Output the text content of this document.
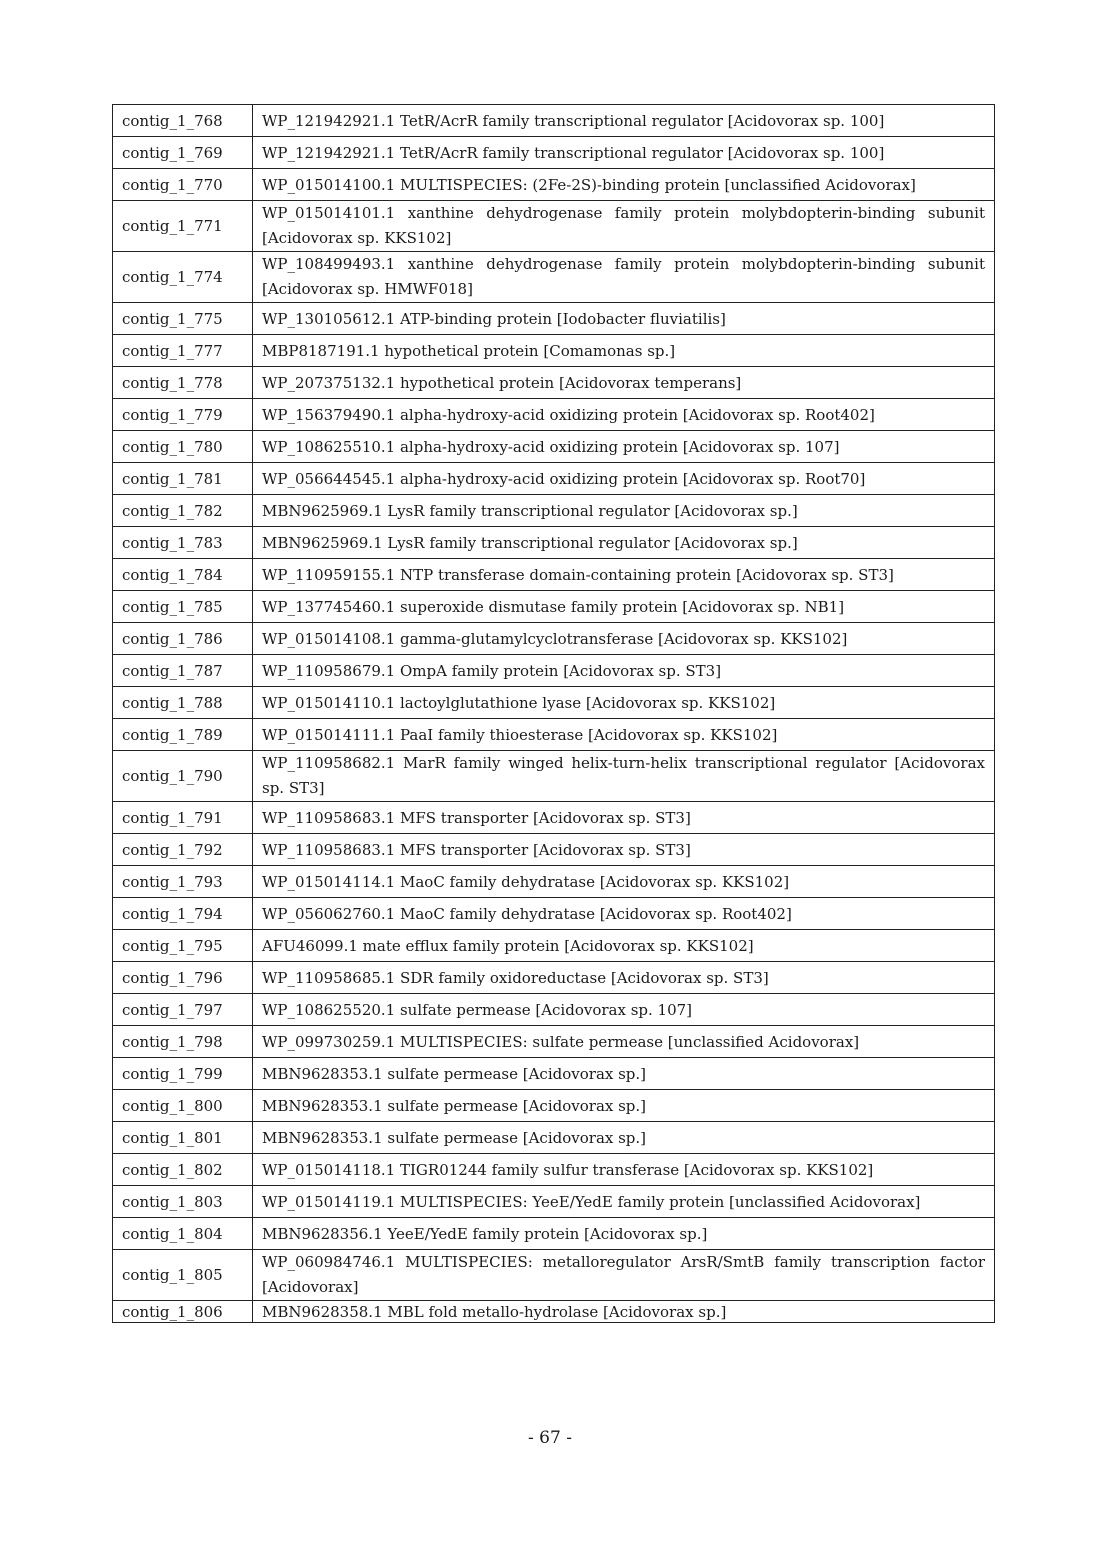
contig_1_768	WP_121942921.1 TetR/AcrR family transcriptional regulator [Acidovorax sp. 100]
contig_1_769	WP_121942921.1 TetR/AcrR family transcriptional regulator [Acidovorax sp. 100]
contig_1_770	WP_015014100.1 MULTISPECIES: (2Fe-2S)-binding protein [unclassified Acidovorax]
contig_1_771	WP_015014101.1 xanthine dehydrogenase family protein molybdopterin-binding subunit [Acidovorax sp. KKS102]
contig_1_774	WP_108499493.1 xanthine dehydrogenase family protein molybdopterin-binding subunit [Acidovorax sp. HMWF018]
contig_1_775	WP_130105612.1 ATP-binding protein [Iodobacter fluviatilis]
contig_1_777	MBP8187191.1 hypothetical protein [Comamonas sp.]
contig_1_778	WP_207375132.1 hypothetical protein [Acidovorax temperans]
contig_1_779	WP_156379490.1 alpha-hydroxy-acid oxidizing protein [Acidovorax sp. Root402]
contig_1_780	WP_108625510.1 alpha-hydroxy-acid oxidizing protein [Acidovorax sp. 107]
contig_1_781	WP_056644545.1 alpha-hydroxy-acid oxidizing protein [Acidovorax sp. Root70]
contig_1_782	MBN9625969.1 LysR family transcriptional regulator [Acidovorax sp.]
contig_1_783	MBN9625969.1 LysR family transcriptional regulator [Acidovorax sp.]
contig_1_784	WP_110959155.1 NTP transferase domain-containing protein [Acidovorax sp. ST3]
contig_1_785	WP_137745460.1 superoxide dismutase family protein [Acidovorax sp. NB1]
contig_1_786	WP_015014108.1 gamma-glutamylcyclotransferase [Acidovorax sp. KKS102]
contig_1_787	WP_110958679.1 OmpA family protein [Acidovorax sp. ST3]
contig_1_788	WP_015014110.1 lactoylglutathione lyase [Acidovorax sp. KKS102]
contig_1_789	WP_015014111.1 PaaI family thioesterase [Acidovorax sp. KKS102]
contig_1_790	WP_110958682.1 MarR family winged helix-turn-helix transcriptional regulator [Acidovorax sp. ST3]
contig_1_791	WP_110958683.1 MFS transporter [Acidovorax sp. ST3]
contig_1_792	WP_110958683.1 MFS transporter [Acidovorax sp. ST3]
contig_1_793	WP_015014114.1 MaoC family dehydratase [Acidovorax sp. KKS102]
contig_1_794	WP_056062760.1 MaoC family dehydratase [Acidovorax sp. Root402]
contig_1_795	AFU46099.1 mate efflux family protein [Acidovorax sp. KKS102]
contig_1_796	WP_110958685.1 SDR family oxidoreductase [Acidovorax sp. ST3]
contig_1_797	WP_108625520.1 sulfate permease [Acidovorax sp. 107]
contig_1_798	WP_099730259.1 MULTISPECIES: sulfate permease [unclassified Acidovorax]
contig_1_799	MBN9628353.1 sulfate permease [Acidovorax sp.]
contig_1_800	MBN9628353.1 sulfate permease [Acidovorax sp.]
contig_1_801	MBN9628353.1 sulfate permease [Acidovorax sp.]
contig_1_802	WP_015014118.1 TIGR01244 family sulfur transferase [Acidovorax sp. KKS102]
contig_1_803	WP_015014119.1 MULTISPECIES: YeeE/YedE family protein [unclassified Acidovorax]
contig_1_804	MBN9628356.1 YeeE/YedE family protein [Acidovorax sp.]
contig_1_805	WP_060984746.1 MULTISPECIES: metalloregulator ArsR/SmtB family transcription factor [Acidovorax]
contig_1_806	MBN9628358.1 MBL fold metallo-hydrolase [Acidovorax sp.]
- 67 -
